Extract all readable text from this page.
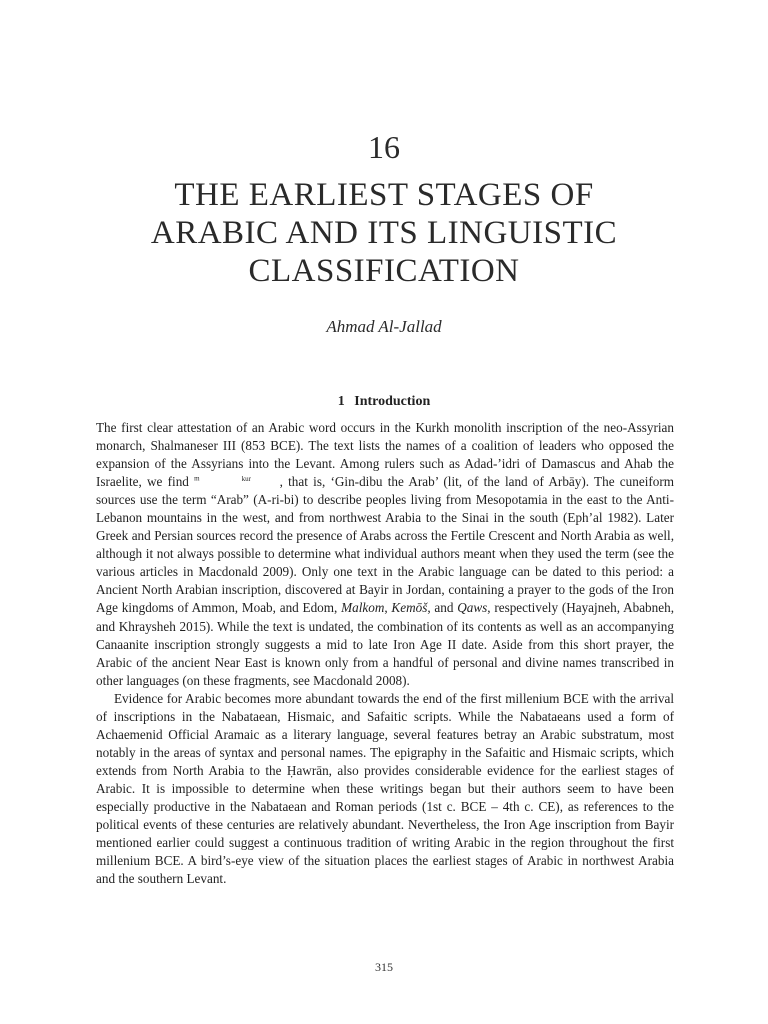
16
THE EARLIEST STAGES OF
ARABIC AND ITS LINGUISTIC
CLASSIFICATION
Ahmad Al-Jallad
1 Introduction

The first clear attestation of an Arabic word occurs in the Kurkh monolith inscription of the neo-Assyrian monarch, Shalmaneser III (853 BCE). The text lists the names of a coalition of leaders who opposed the expansion of the Assyrians into the Levant. Among rulers such as Adad-’idri of Damascus and Ahab the Israelite, we find $^m$	$^{kur}$ , that is, ‘Gin-dibu the Arab’ (lit, of the land of Arbāy). The cuneiform sources use the term “Arab” (A-ri-bi) to describe peoples living from Mesopotamia in the east to the Anti-Lebanon mountains in the west, and from northwest Arabia to the Sinai in the south (Eph’al 1982). Later Greek and Persian sources record the presence of Arabs across the Fertile Crescent and North Arabia as well, although it not always possible to determine what individual authors meant when they used the term (see the various articles in Macdonald 2009). Only one text in the Arabic language can be dated to this period: a Ancient North Arabian inscription, discovered at Bayir in Jordan, containing a prayer to the gods of the Iron Age kingdoms of Ammon, Moab, and Edom, Malkom, Kemōš, and Qaws, respectively (Hayajneh, Ababneh, and Khraysheh 2015). While the text is undated, the combination of its contents as well as an accompanying Canaanite inscription strongly suggests a mid to late Iron Age II date. Aside from this short prayer, the Arabic of the ancient Near East is known only from a handful of personal and divine names transcribed in other languages (on these fragments, see Macdonald 2008).

Evidence for Arabic becomes more abundant towards the end of the first millenium BCE with the arrival of inscriptions in the Nabataean, Hismaic, and Safaitic scripts. While the Nabataeans used a form of Achaemenid Official Aramaic as a literary language, several features betray an Arabic substratum, most notably in the areas of syntax and personal names. The epigraphy in the Safaitic and Hismaic scripts, which extends from North Arabia to the Ḥawrān, also provides considerable evidence for the earliest stages of Arabic. It is impossible to determine when these writings began but their authors seem to have been especially productive in the Nabataean and Roman periods (1st c. BCE – 4th c. CE), as references to the political events of these centuries are relatively abundant. Nevertheless, the Iron Age inscription from Bayir mentioned earlier could suggest a continuous tradition of writing Arabic in the region throughout the first millenium BCE. A bird’s-eye view of the situation places the earliest stages of Arabic in northwest Arabia and the southern Levant.

315
